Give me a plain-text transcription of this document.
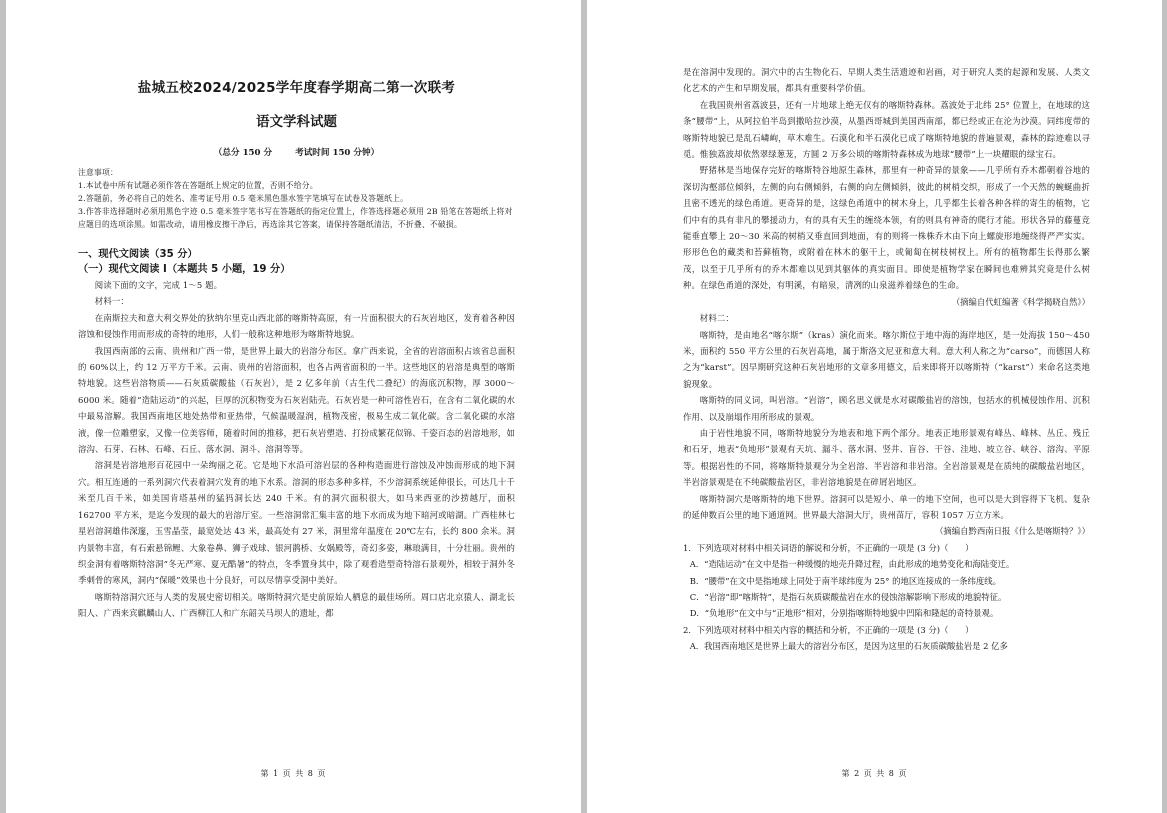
盐城五校2024/2025学年度春学期高二第一次联考
语文学科试题
（总分 150 分	考试时间 150 分钟）
注意事项：
1.本试卷中所有试题必须作答在答题纸上规定的位置，否则不给分。
2.答题前，务必将自己的姓名、准考证号用 0.5 毫米黑色墨水签字笔填写在试卷及答题纸上。
3.作答非选择题时必须用黑色字迹 0.5 毫米签字笔书写在答题纸的指定位置上，作答选择题必须用 2B 铅笔在答题纸上将对应题目的选项涂黑。如需改动，请用橡皮擦干净后，再选涂其它答案，请保持答题纸清洁，不折叠、不破损。
一、现代文阅读（35 分）
（一）现代文阅读 I（本题共 5 小题，19 分）
阅读下面的文字，完成 1～5 题。
材料一：
在南斯拉夫和意大利交界处的狄纳尔里克山西北部的喀斯特高原，有一片面积很大的石灰岩地区，发育着各种因溶蚀和侵蚀作用而形成的奇特的地形，人们一般称这种地形为喀斯特地貌。
我国西南部的云南、贵州和广西一带，是世界上最大的岩溶分布区。拿广西来说，全省的岩溶面积占该省总面积的 60%以上，约 12 万平方千米。云南、贵州的岩溶面积，也各占两省面积的一半。这些地区的岩溶是典型的喀斯特地貌。这些岩溶物质——石灰质碳酸盐（石灰岩），是 2 亿多年前（古生代二叠纪）的海底沉积物，厚 3000～6000 米。随着“造陆运动”的兴起，巨厚的沉积物变为石灰岩陆壳。石灰岩是一种可溶性岩石，在含有二氧化碳的水中最易溶解。我国西南地区地处热带和亚热带，气候温暖湿润，植物茂密，极易生成二氧化碳。含二氧化碳的水溶液，像一位雕塑家，又像一位美容师，随着时间的推移，把石灰岩塑造、打扮成繁花似锦、千姿百态的岩溶地形，如溶沟、石芽、石林、石峰、石丘、落水洞、洞斗、溶洞等等。
溶洞是岩溶地形百花园中一朵绚丽之花。它是地下水沿可溶岩层的各种构造面进行溶蚀及冲蚀而形成的地下洞穴。相互连通的一系列洞穴代表着洞穴发育的地下水系。溶洞的形态多种多样，不少溶洞系统延伸很长，可达几十千米至几百千米，如美国肯塔基州的猛犸洞长达 240 千米。有的洞穴面积很大，如马来西亚的沙捞越厅，面积 162700 平方米，是迄今发现的最大的岩溶厅室。一些溶洞常汇集丰富的地下水而成为地下暗河或暗湖。广西桂林七星岩溶洞雄伟深邃，玉雪晶莹，最宽处达 43 米，最高处有 27 米，洞里常年温度在 20℃左右，长约 800 余米。洞内景物丰富，有石索悬锦鲤、大象卷鼻、狮子戏球、银河鹊桥、女娲殿等，奇幻多姿，琳琅满目，十分壮丽。贵州的织金洞有着喀斯特溶洞“冬无严寒、夏无酷暑”的特点，冬季置身其中，除了观看造型奇特溶石景观外，相较于洞外冬季刺骨的寒风，洞内“保暖”效果也十分良好，可以尽情享受洞中美好。
喀斯特溶洞穴还与人类的发展史密切相关。喀斯特洞穴是史前原始人栖息的最佳场所。周口店北京猿人、湖北长阳人、广西来宾麒麟山人、广西柳江人和广东韶关马坝人的遗址，都
第 1 页 共 8 页
是在溶洞中发现的。洞穴中的古生物化石、早期人类生活遗迹和岩画，对于研究人类的起源和发展、人类文化艺术的产生和早期发展，都具有重要科学价值。
在我国贵州省荔波县，还有一片地球上绝无仅有的喀斯特森林。荔波处于北纬 25° 位置上，在地球的这条“腰带”上，从阿拉伯半岛到撒哈拉沙漠，从墨西哥城到美国西南部，都已经或正在沦为沙漠。同纬度带的喀斯特地貌已是乱石嶙峋，草木难生。石漠化和半石漠化已成了喀斯特地貌的普遍景观，森林的踪迹难以寻觅。惟独荔波却依然翠绿葱茏，方圆 2 万多公顷的喀斯特森林成为地球“腰带”上一块耀眼的绿宝石。
野猪林是当地保存完好的喀斯特谷地原生森林，那里有一种奇异的景象——几乎所有乔木都朝着谷地的深切沟壑部位倾斜，左侧的向右侧倾斜，右侧的向左侧倾斜，彼此的树梢交织，形成了一个天然的蜿蜒曲折且密不透光的绿色甬道。更奇异的是，这绿色甬道中的树木身上，几乎都生长着各种各样的寄生的植物，它们中有的具有非凡的攀援动力，有的具有天生的缠绕本领，有的则具有神奇的爬行才能。形状各异的藤蔓竞能垂直攀上 20～30 米高的树梢又垂直回到地面，有的则将一株株乔木由下向上螺旋形地缠绕得严严实实。形形色色的藏类和苔藓植物，或附着在林木的躯干上，或匍匐在树枝树杈上。所有的植物都生长得那么繁茂，以至于几乎所有的乔木都难以见到其躯体的真实面目。即使是植物学家在瞬间也难辨其究竟是什么树种。在绿色甬道的深处，有明溪，有暗泉，清冽的山泉滋养着绿色的生命。
（摘编自代虹编著《科学揭晓自然》）
材料二：
喀斯特，是由地名“喀尔斯”（kras）演化而来。喀尔斯位于地中海的海岸地区，是一处海拔 150～450 米，面积约 550 平方公里的石灰岩高地，属于斯洛文尼亚和意大利。意大利人称之为“carso”，而德国人称之为“karst”。因早期研究这种石灰岩地形的文章多用德文，后来即将开以喀斯特（“karst”）来命名这类地貌现象。
喀斯特的同义词，叫岩溶。“岩溶”，顾名思义就是水对碳酸盐岩的溶蚀，包括水的机械侵蚀作用、沉积作用、以及崩塌作用所形成的景观。
由于岩性地貌不同，喀斯特地貌分为地表和地下两个部分。地表正地形景观有峰丛、峰林、丛丘、残丘和石牙，地表“负地形”景观有天坑、漏斗、落水洞、竖井、盲谷、干谷、洼地、坡立谷、峡谷、溶沟、平原等。根据岩性的不同，将喀斯特景观分为全岩溶、半岩溶和非岩溶。全岩溶景观是在质纯的碳酸盐岩地区，半岩溶景观是在不纯碳酸盐岩区，非岩溶地貌是在碎屑岩地区。
喀斯特洞穴是喀斯特的地下世界。溶洞可以是短小、单一的地下空间，也可以是大到容得下飞机、复杂的延伸数百公里的地下通道网。世界最大溶洞大厅，贵州苗厅，容积 1057 万立方米。
（摘编自黔西南日报《什么是喀斯特？》）
1．下列选项对材料中相关词语的解说和分析，不正确的一项是 (3 分)（　　）
A．“造陆运动”在文中是指一种缓慢的地壳升降过程，由此形成的地势变化和海陆变迁。
B．“腰带”在文中是指地球上同处于南半球纬度为 25° 的地区连接成的一条纬度线。
C．“岩溶”即“喀斯特”，是指石灰质碳酸盐岩在水的侵蚀溶解影响下形成的地貌特征。
D．“负地形”在文中与“正地形”相对，分别指喀斯特地貌中凹陷和隆起的奇特景观。
2．下列选项对材料中相关内容的概括和分析，不正确的一项是 (3 分)（　　）
A．我国西南地区是世界上最大的溶岩分布区，是因为这里的石灰质碳酸盐岩是 2 亿多
第 2 页 共 8 页
